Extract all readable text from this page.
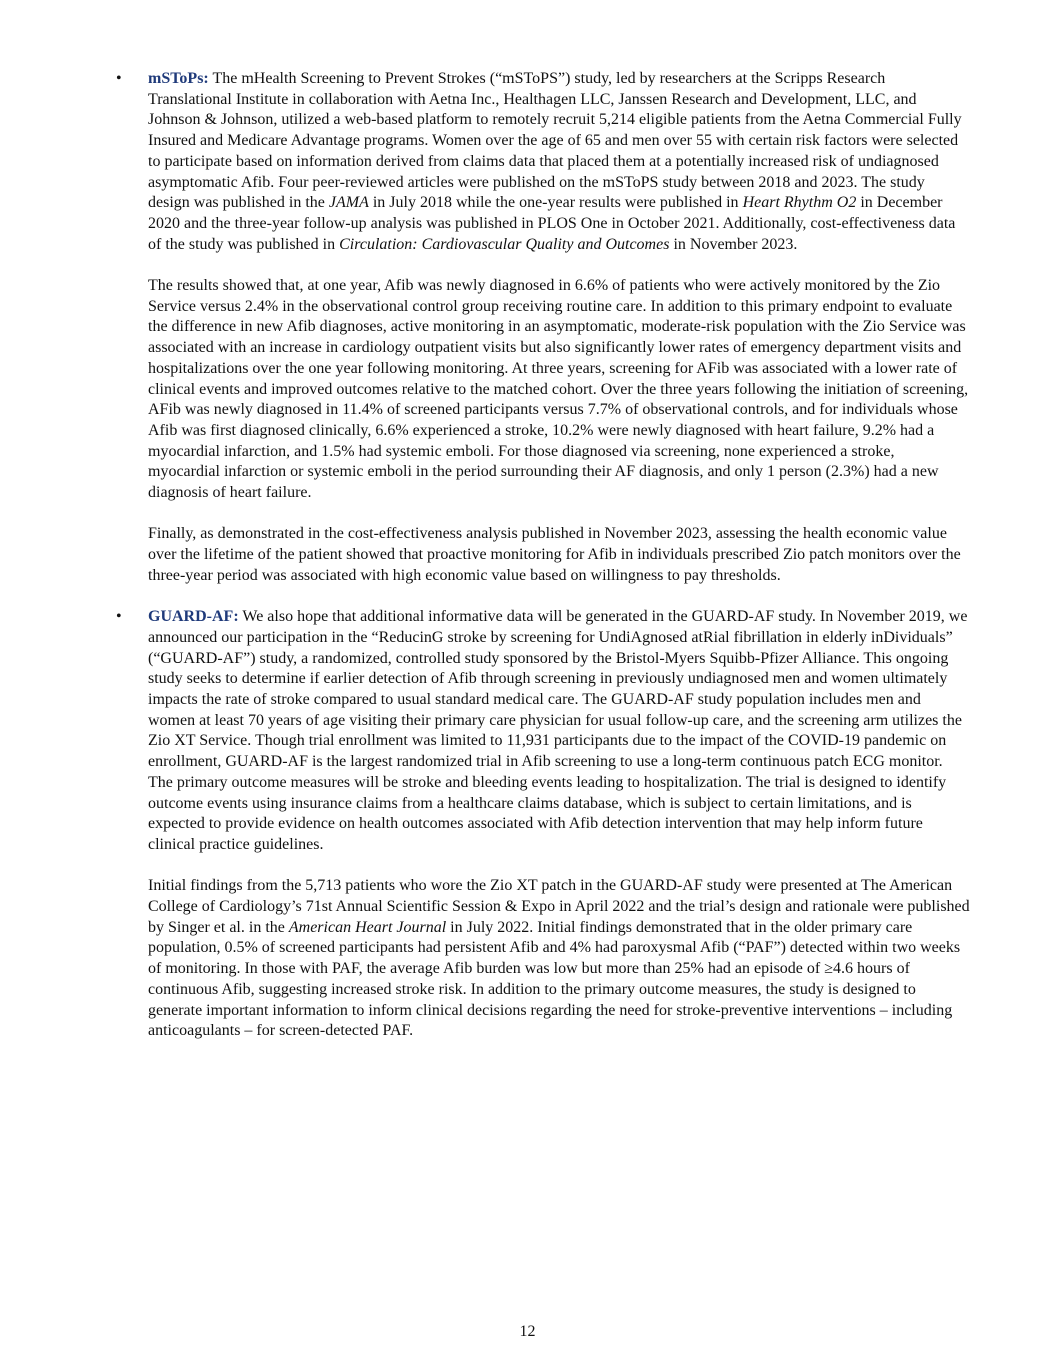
• mSToPs: The mHealth Screening to Prevent Strokes (“mSToPS”) study, led by researchers at the Scripps Research Translational Institute in collaboration with Aetna Inc., Healthagen LLC, Janssen Research and Development, LLC, and Johnson & Johnson, utilized a web-based platform to remotely recruit 5,214 eligible patients from the Aetna Commercial Fully Insured and Medicare Advantage programs. Women over the age of 65 and men over 55 with certain risk factors were selected to participate based on information derived from claims data that placed them at a potentially increased risk of undiagnosed asymptomatic Afib. Four peer-reviewed articles were published on the mSToPS study between 2018 and 2023. The study design was published in the JAMA in July 2018 while the one-year results were published in Heart Rhythm O2 in December 2020 and the three-year follow-up analysis was published in PLOS One in October 2021. Additionally, cost-effectiveness data of the study was published in Circulation: Cardiovascular Quality and Outcomes in November 2023.

The results showed that, at one year, Afib was newly diagnosed in 6.6% of patients who were actively monitored by the Zio Service versus 2.4% in the observational control group receiving routine care. In addition to this primary endpoint to evaluate the difference in new Afib diagnoses, active monitoring in an asymptomatic, moderate-risk population with the Zio Service was associated with an increase in cardiology outpatient visits but also significantly lower rates of emergency department visits and hospitalizations over the one year following monitoring. At three years, screening for AFib was associated with a lower rate of clinical events and improved outcomes relative to the matched cohort. Over the three years following the initiation of screening, AFib was newly diagnosed in 11.4% of screened participants versus 7.7% of observational controls, and for individuals whose Afib was first diagnosed clinically, 6.6% experienced a stroke, 10.2% were newly diagnosed with heart failure, 9.2% had a myocardial infarction, and 1.5% had systemic emboli. For those diagnosed via screening, none experienced a stroke, myocardial infarction or systemic emboli in the period surrounding their AF diagnosis, and only 1 person (2.3%) had a new diagnosis of heart failure.

Finally, as demonstrated in the cost-effectiveness analysis published in November 2023, assessing the health economic value over the lifetime of the patient showed that proactive monitoring for Afib in individuals prescribed Zio patch monitors over the three-year period was associated with high economic value based on willingness to pay thresholds.

• GUARD-AF: We also hope that additional informative data will be generated in the GUARD-AF study. In November 2019, we announced our participation in the “ReducinG stroke by screening for UndiAgnosed atRial fibrillation in elderly inDividuals” (“GUARD-AF”) study, a randomized, controlled study sponsored by the Bristol-Myers Squibb-Pfizer Alliance. This ongoing study seeks to determine if earlier detection of Afib through screening in previously undiagnosed men and women ultimately impacts the rate of stroke compared to usual standard medical care. The GUARD-AF study population includes men and women at least 70 years of age visiting their primary care physician for usual follow-up care, and the screening arm utilizes the Zio XT Service. Though trial enrollment was limited to 11,931 participants due to the impact of the COVID-19 pandemic on enrollment, GUARD-AF is the largest randomized trial in Afib screening to use a long-term continuous patch ECG monitor. The primary outcome measures will be stroke and bleeding events leading to hospitalization. The trial is designed to identify outcome events using insurance claims from a healthcare claims database, which is subject to certain limitations, and is expected to provide evidence on health outcomes associated with Afib detection intervention that may help inform future clinical practice guidelines.

Initial findings from the 5,713 patients who wore the Zio XT patch in the GUARD-AF study were presented at The American College of Cardiology’s 71st Annual Scientific Session & Expo in April 2022 and the trial’s design and rationale were published by Singer et al. in the American Heart Journal in July 2022. Initial findings demonstrated that in the older primary care population, 0.5% of screened participants had persistent Afib and 4% had paroxysmal Afib (“PAF”) detected within two weeks of monitoring. In those with PAF, the average Afib burden was low but more than 25% had an episode of ≥4.6 hours of continuous Afib, suggesting increased stroke risk. In addition to the primary outcome measures, the study is designed to generate important information to inform clinical decisions regarding the need for stroke-preventive interventions – including anticoagulants – for screen-detected PAF.

12
